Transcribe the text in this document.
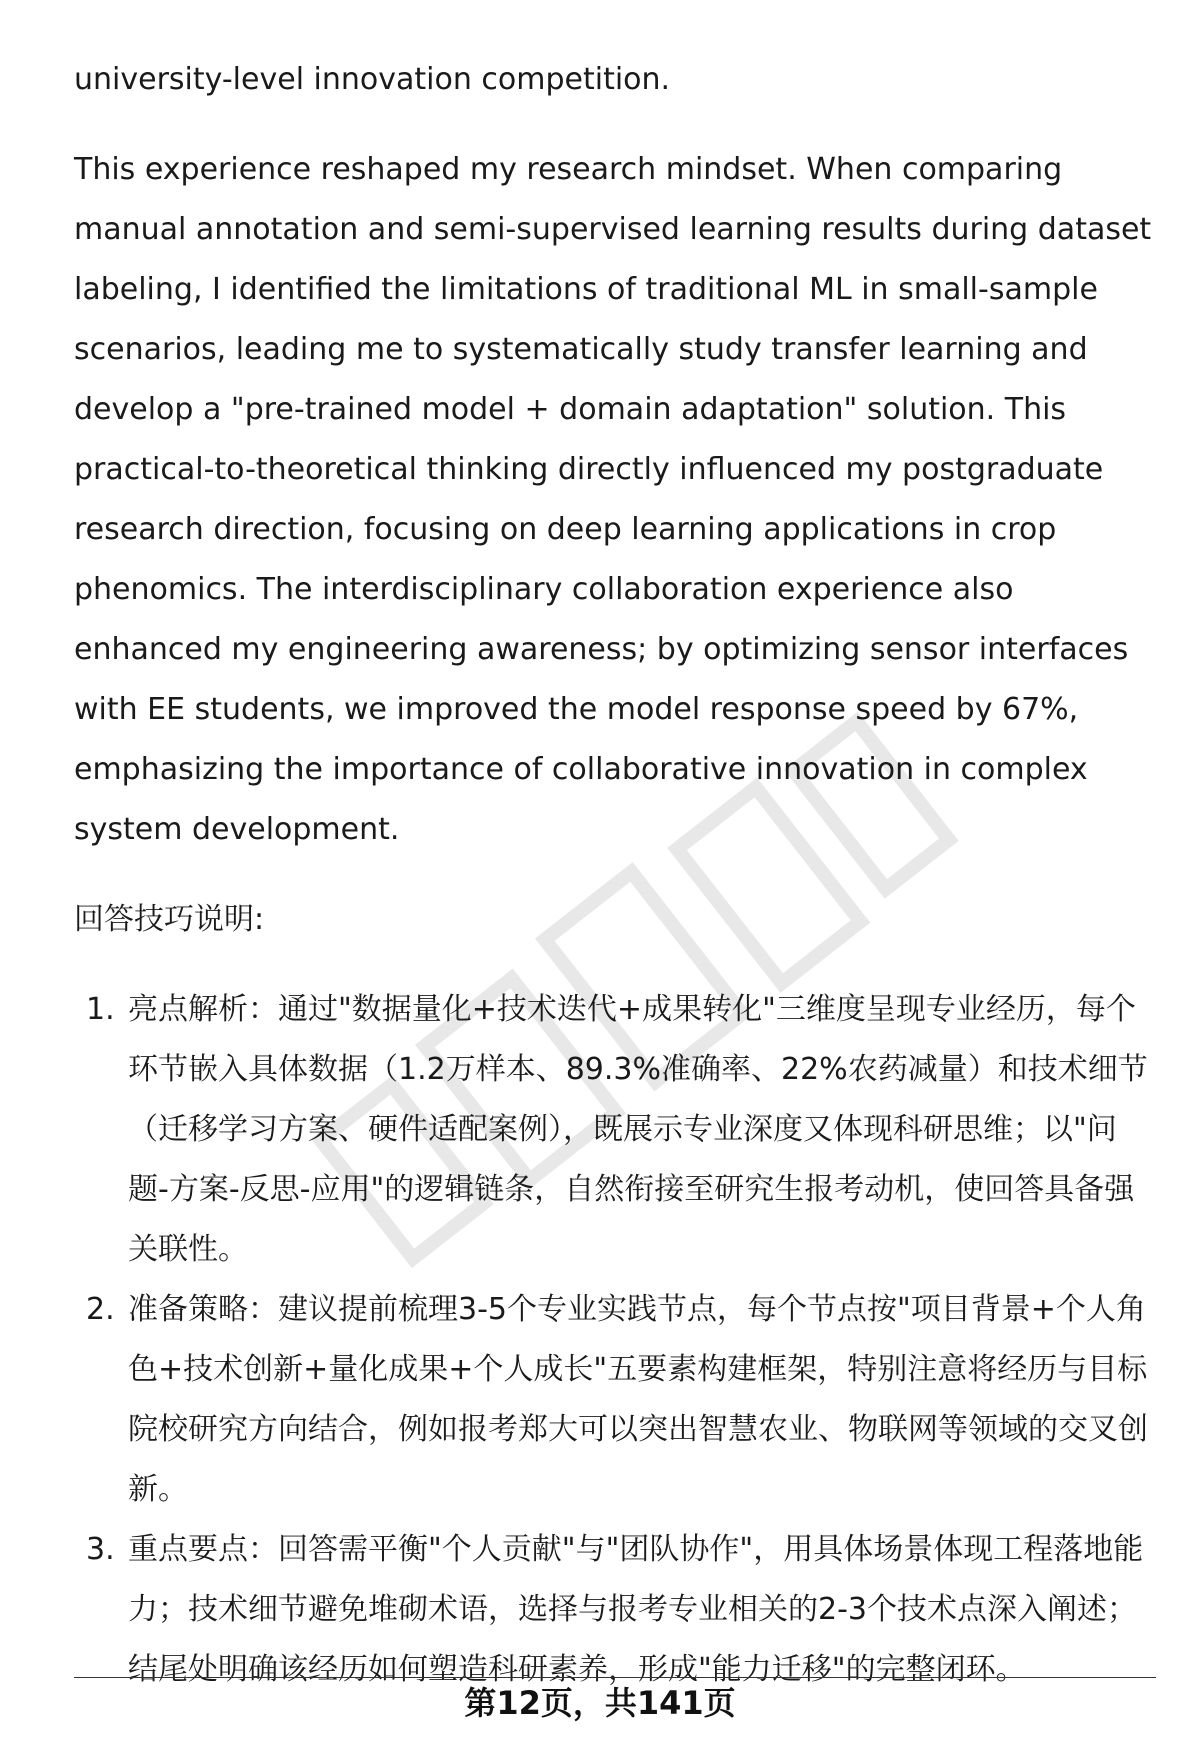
university-level innovation competition.

This experience reshaped my research mindset. When comparing manual annotation and semi-supervised learning results during dataset labeling, I identified the limitations of traditional ML in small-sample scenarios, leading me to systematically study transfer learning and develop a "pre-trained model + domain adaptation" solution. This practical-to-theoretical thinking directly influenced my postgraduate research direction, focusing on deep learning applications in crop phenomics. The interdisciplinary collaboration experience also enhanced my engineering awareness; by optimizing sensor interfaces with EE students, we improved the model response speed by 67%, emphasizing the importance of collaborative innovation in complex system development.

回答技巧说明:
1. 亮点解析：通过"数据量化+技术迭代+成果转化"三维度呈现专业经历，每个环节嵌入具体数据（1.2万样本、89.3%准确率、22%农药减量）和技术细节（迁移学习方案、硬件适配案例），既展示专业深度又体现科研思维；以"问题-方案-反思-应用"的逻辑链条，自然衔接至研究生报考动机，使回答具备强关联性。
2. 准备策略：建议提前梳理3-5个专业实践节点，每个节点按"项目背景+个人角色+技术创新+量化成果+个人成长"五要素构建框架，特别注意将经历与目标院校研究方向结合，例如报考郑大可以突出智慧农业、物联网等领域的交叉创新。
3. 重点要点：回答需平衡"个人贡献"与"团队协作"，用具体场景体现工程落地能力；技术细节避免堆砌术语，选择与报考专业相关的2-3个技术点深入阐述；结尾处明确该经历如何塑造科研素养，形成"能力迁移"的完整闭环。
第12页，共141页
